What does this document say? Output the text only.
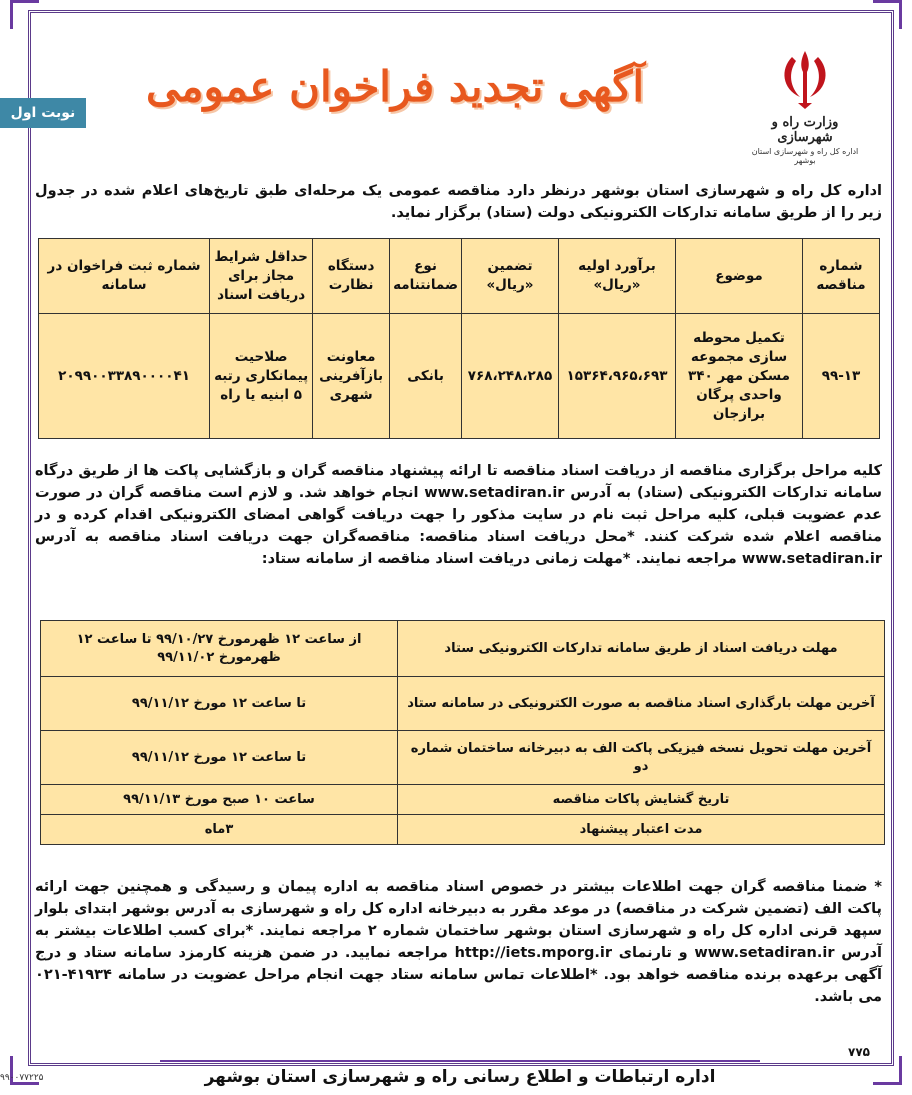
وزارت راه و شهرسازی
اداره کل راه و شهرسازی استان بوشهر
آگهی تجدید فراخوان عمومی
نوبت اول
اداره کل راه و شهرسازی استان بوشهر درنظر دارد مناقصه عمومی یک مرحله‌ای طبق تاریخ‌های اعلام شده در جدول زیر را از طریق سامانه تدارکات الکترونیکی دولت (ستاد) برگزار نماید.
شماره مناقصه	موضوع	برآورد اولیه «ریال»	تضمین «ریال»	نوع ضمانتنامه	دستگاه نظارت	حداقل شرایط مجاز برای دریافت اسناد	شماره ثبت فراخوان در سامانه
۹۹-۱۳	تکمیل محوطه سازی مجموعه مسکن مهر ۳۴۰ واحدی پرگان برازجان	۱۵۳۶۴،۹۶۵،۶۹۳	۷۶۸،۲۴۸،۲۸۵	بانکی	معاونت بازآفرینی شهری	صلاحیت پیمانکاری رتبه ۵ ابنیه یا راه	۲۰۹۹۰۰۳۳۸۹۰۰۰۰۴۱
کلیه مراحل برگزاری مناقصه از دریافت اسناد مناقصه تا ارائه پیشنهاد مناقصه گران و بازگشایی پاکت ها از طریق درگاه سامانه تدارکات الکترونیکی (ستاد) به آدرس www.setadiran.ir انجام خواهد شد. و لازم است مناقصه گران در صورت عدم عضویت قبلی، کلیه مراحل ثبت نام در سایت مذکور را جهت دریافت گواهی امضای الکترونیکی اقدام کرده و در مناقصه اعلام شده شرکت کنند. *محل دریافت اسناد مناقصه: مناقصه‌گران جهت دریافت اسناد مناقصه به آدرس www.setadiran.ir مراجعه نمایند. *مهلت زمانی دریافت اسناد مناقصه از سامانه ستاد:
مهلت دریافت اسناد از طریق سامانه تدارکات الکترونیکی ستاد	از ساعت ۱۲ ظهرمورخ ۹۹/۱۰/۲۷ تا ساعت ۱۲ ظهرمورخ ۹۹/۱۱/۰۲
آخرین مهلت بارگذاری اسناد مناقصه به صورت الکترونیکی در سامانه ستاد	تا ساعت ۱۲ مورخ ۹۹/۱۱/۱۲
آخرین مهلت تحویل نسخه فیزیکی پاکت الف به دبیرخانه ساختمان شماره دو	تا ساعت ۱۲ مورخ ۹۹/۱۱/۱۲
تاریخ گشایش پاکات مناقصه	ساعت ۱۰ صبح مورخ ۹۹/۱۱/۱۳
مدت اعتبار پیشنهاد	۳ماه
* ضمنا مناقصه گران جهت اطلاعات بیشتر در خصوص اسناد مناقصه به اداره پیمان و رسیدگی و همچنین جهت ارائه پاکت الف (تضمین شرکت در مناقصه) در موعد مقرر به دبیرخانه اداره کل راه و شهرسازی به آدرس بوشهر ابتدای بلوار سپهد قرنی اداره کل راه و شهرسازی استان بوشهر ساختمان شماره ۲ مراجعه نمایند. *برای کسب اطلاعات بیشتر به آدرس www.setadiran.ir و تارنمای http://iets.mporg.ir مراجعه نمایید. در ضمن هزینه کارمزد سامانه ستاد و درج آگهی برعهده برنده مناقصه خواهد بود. *اطلاعات تماس سامانه ستاد جهت انجام مراحل عضویت در سامانه ۴۱۹۳۴-۰۲۱ می باشد.
۷۷۵
اداره ارتباطات و اطلاع رسانی راه و شهرسازی استان بوشهر
۹۹۰۰۷۷۲۲۵
